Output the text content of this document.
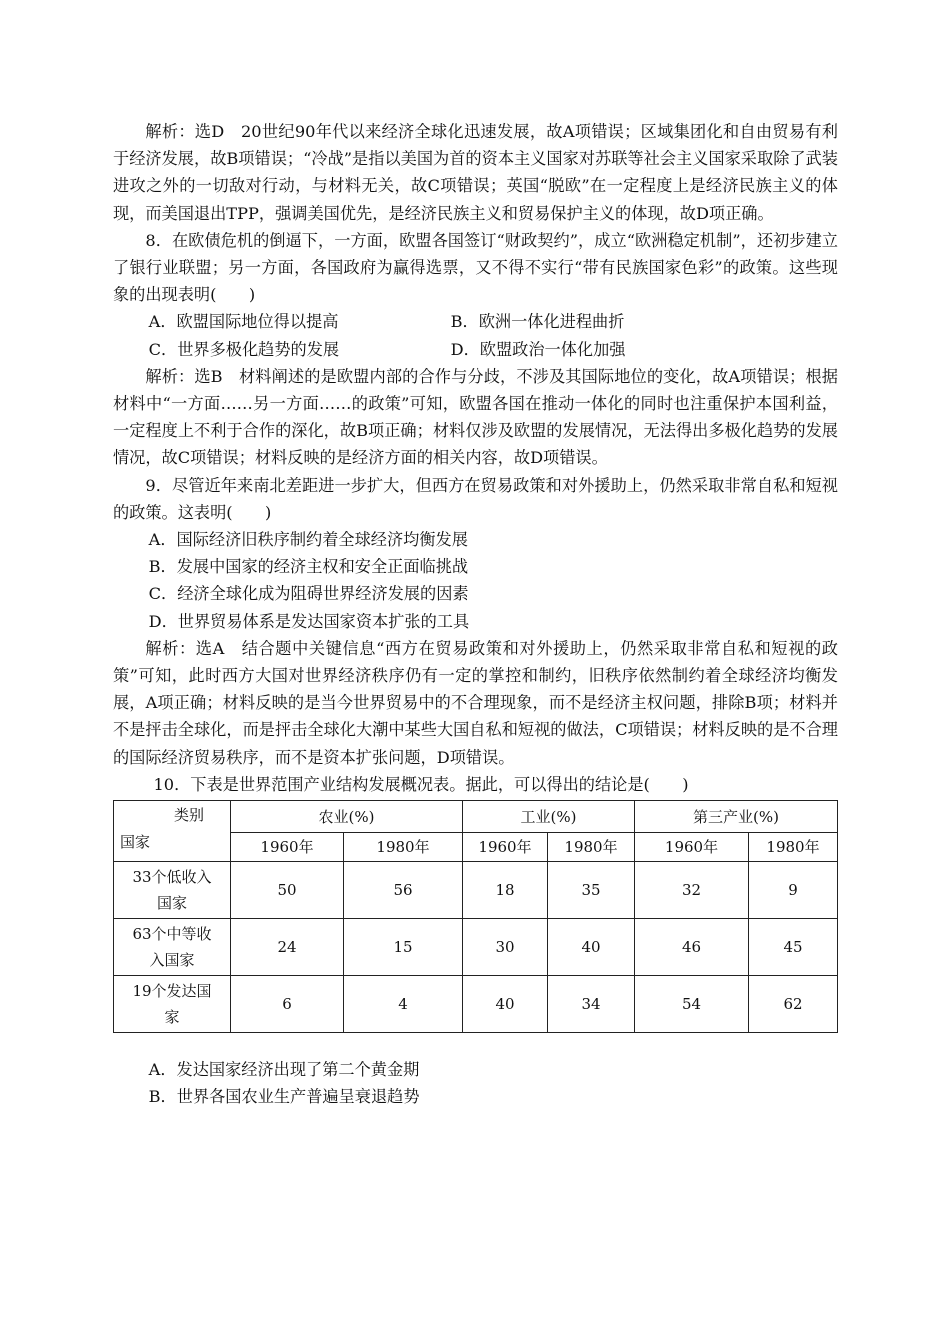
解析：选D　20世纪90年代以来经济全球化迅速发展，故A项错误；区域集团化和自由贸易有利于经济发展，故B项错误；“冷战”是指以美国为首的资本主义国家对苏联等社会主义国家采取除了武装进攻之外的一切敌对行动，与材料无关，故C项错误；英国“脱欧”在一定程度上是经济民族主义的体现，而美国退出TPP，强调美国优先，是经济民族主义和贸易保护主义的体现，故D项正确。

8．在欧债危机的倒逼下，一方面，欧盟各国签订“财政契约”，成立“欧洲稳定机制”，还初步建立了银行业联盟；另一方面，各国政府为赢得选票，又不得不实行“带有民族国家色彩”的政策。这些现象的出现表明(　　)

A．欧盟国际地位得以提高	B．欧洲一体化进程曲折
C．世界多极化趋势的发展	D．欧盟政治一体化加强

解析：选B　材料阐述的是欧盟内部的合作与分歧，不涉及其国际地位的变化，故A项错误；根据材料中“一方面……另一方面……的政策”可知，欧盟各国在推动一体化的同时也注重保护本国利益，一定程度上不利于合作的深化，故B项正确；材料仅涉及欧盟的发展情况，无法得出多极化趋势的发展情况，故C项错误；材料反映的是经济方面的相关内容，故D项错误。

9．尽管近年来南北差距进一步扩大，但西方在贸易政策和对外援助上，仍然采取非常自私和短视的政策。这表明(　　)

A．国际经济旧秩序制约着全球经济均衡发展

B．发展中国家的经济主权和安全正面临挑战

C．经济全球化成为阻碍世界经济发展的因素

D．世界贸易体系是发达国家资本扩张的工具

解析：选A　结合题中关键信息“西方在贸易政策和对外援助上，仍然采取非常自私和短视的政策”可知，此时西方大国对世界经济秩序仍有一定的掌控和制约，旧秩序依然制约着全球经济均衡发展，A项正确；材料反映的是当今世界贸易中的不合理现象，而不是经济主权问题，排除B项；材料并不是抨击全球化，而是抨击全球化大潮中某些大国自私和短视的做法，C项错误；材料反映的是不合理的国际经济贸易秩序，而不是资本扩张问题，D项错误。

10．下表是世界范围产业结构发展概况表。据此，可以得出的结论是(　　)

类别
国家	农业(%)		工业(%)		第三产业(%)	
	1960年	1980年	1960年	1980年	1960年	1980年
33个低收入
国家	50	56	18	35	32	9
63个中等收
入国家	24	15	30	40	46	45
19个发达国
家	6	4	40	34	54	62

A．发达国家经济出现了第二个黄金期

B．世界各国农业生产普遍呈衰退趋势
